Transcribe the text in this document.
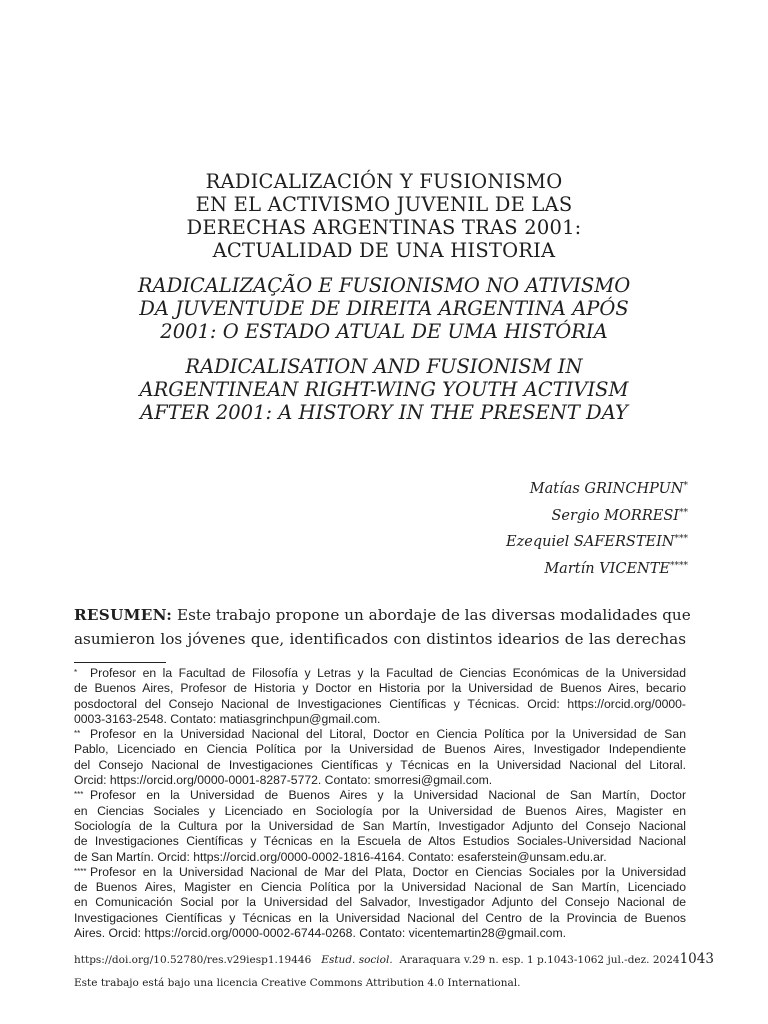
RADICALIZACIÓN Y FUSIONISMO
EN EL ACTIVISMO JUVENIL DE LAS
DERECHAS ARGENTINAS TRAS 2001:
ACTUALIDAD DE UNA HISTORIA
RADICALIZAÇÃO E FUSIONISMO NO ATIVISMO
DA JUVENTUDE DE DIREITA ARGENTINA APÓS
2001: O ESTADO ATUAL DE UMA HISTÓRIA
RADICALISATION AND FUSIONISM IN
ARGENTINEAN RIGHT-WING YOUTH ACTIVISM
AFTER 2001: A HISTORY IN THE PRESENT DAY
Matías GRINCHPUN*
Sergio MORRESI**
Ezequiel SAFERSTEIN***
Martín VICENTE****
RESUMEN: Este trabajo propone un abordaje de las diversas modalidades que
asumieron los jóvenes que, identificados con distintos idearios de las derechas
* Profesor en la Facultad de Filosofía y Letras y la Facultad de Ciencias Económicas de la Universidad
de Buenos Aires, Profesor de Historia y Doctor en Historia por la Universidad de Buenos Aires, becario
posdoctoral del Consejo Nacional de Investigaciones Científicas y Técnicas. Orcid: https://orcid.org/0000-
0003-3163-2548. Contato: matiasgrinchpun@gmail.com.
** Profesor en la Universidad Nacional del Litoral, Doctor en Ciencia Política por la Universidad de San
Pablo, Licenciado en Ciencia Política por la Universidad de Buenos Aires, Investigador Independiente
del Consejo Nacional de Investigaciones Científicas y Técnicas en la Universidad Nacional del Litoral.
Orcid: https://orcid.org/0000-0001-8287-5772. Contato: smorresi@gmail.com.
*** Profesor en la Universidad de Buenos Aires y la Universidad Nacional de San Martín, Doctor
en Ciencias Sociales y Licenciado en Sociología por la Universidad de Buenos Aires, Magister en
Sociología de la Cultura por la Universidad de San Martín, Investigador Adjunto del Consejo Nacional
de Investigaciones Científicas y Técnicas en la Escuela de Altos Estudios Sociales-Universidad Nacional
de San Martín. Orcid: https://orcid.org/0000-0002-1816-4164. Contato: esaferstein@unsam.edu.ar.
**** Profesor en la Universidad Nacional de Mar del Plata, Doctor en Ciencias Sociales por la Universidad
de Buenos Aires, Magister en Ciencia Política por la Universidad Nacional de San Martín, Licenciado
en Comunicación Social por la Universidad del Salvador, Investigador Adjunto del Consejo Nacional de
Investigaciones Científicas y Técnicas en la Universidad Nacional del Centro de la Provincia de Buenos
Aires. Orcid: https://orcid.org/0000-0002-6744-0268. Contato: vicentemartin28@gmail.com.
https://doi.org/10.52780/res.v29iesp1.19446 Estud. sociol. Araraquara v.29 n. esp. 1 p.1043-1062 jul.-dez. 2024 1043
Este trabajo está bajo una licencia Creative Commons Attribution 4.0 International.
